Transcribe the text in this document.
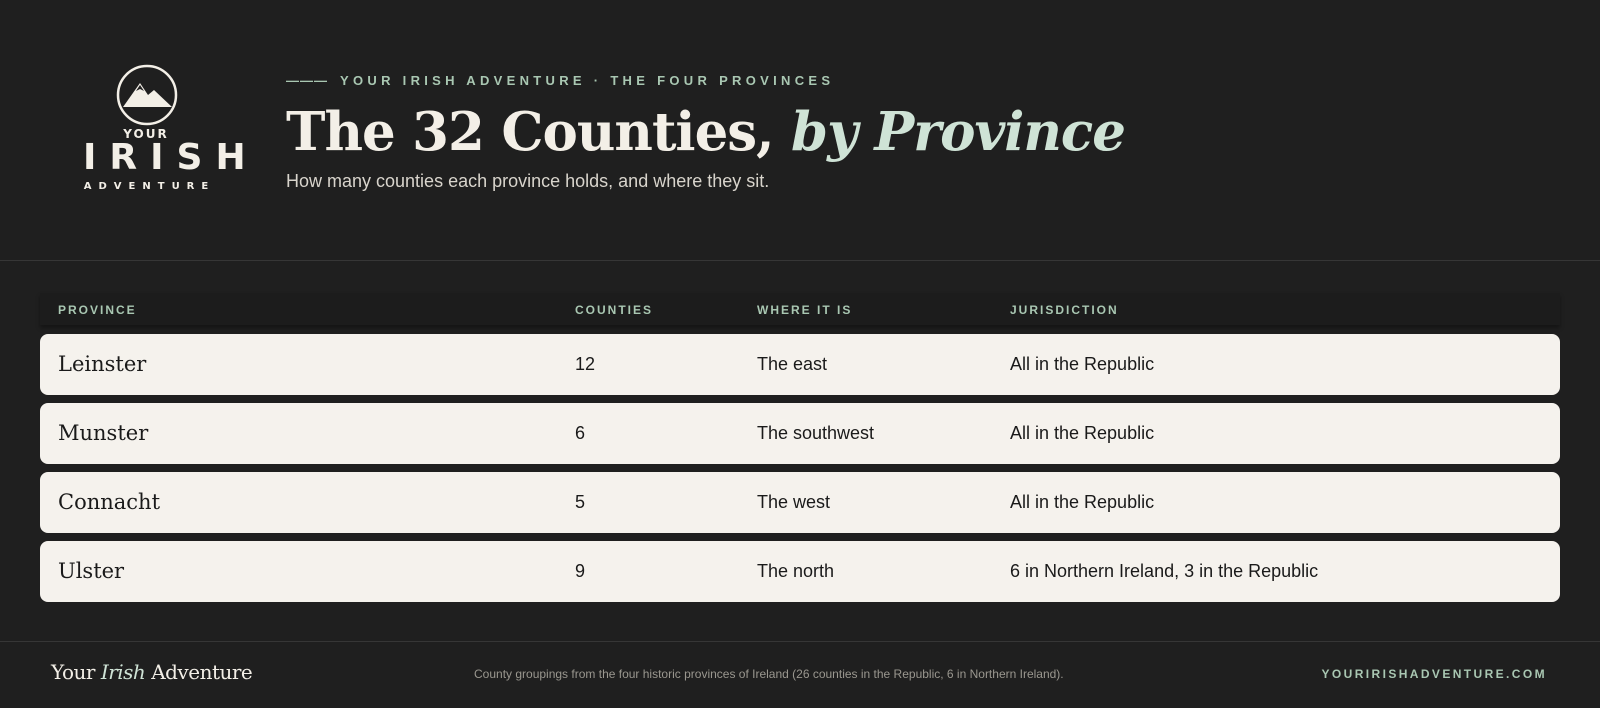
YOUR
IRISH
ADVENTURE
——— YOUR IRISH ADVENTURE · THE FOUR PROVINCES
The 32 Counties, by Province
How many counties each province holds, and where they sit.
PROVINCE	COUNTIES	WHERE IT IS	JURISDICTION
Leinster	12	The east	All in the Republic
Munster	6	The southwest	All in the Republic
Connacht	5	The west	All in the Republic
Ulster	9	The north	6 in Northern Ireland, 3 in the Republic
Your Irish Adventure	County groupings from the four historic provinces of Ireland (26 counties in the Republic, 6 in Northern Ireland).	YOURIRISHADVENTURE.COM
